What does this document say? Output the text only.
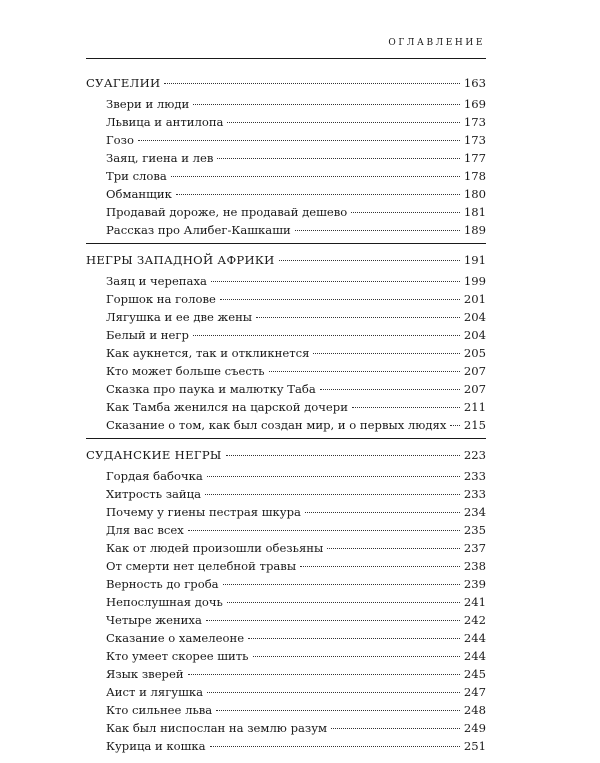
ОГЛАВЛЕНИЕ
СУАГЕЛИИ	163
Звери и люди	169
Львица и антилопа	173
Гозо	173
Заяц, гиена и лев	177
Три слова	178
Обманщик	180
Продавай дороже, не продавай дешево	181
Рассказ про Алибег-Кашкаши	189
НЕГРЫ ЗАПАДНОЙ АФРИКИ	191
Заяц и черепаха	199
Горшок на голове	201
Лягушка и ее две жены	204
Белый и негр	204
Как аукнется, так и откликнется	205
Кто может больше съесть	207
Сказка про паука и малютку Таба	207
Как Тамба женился на царской дочери	211
Сказание о том, как был создан мир, и о первых людях 215
СУДАНСКИЕ НЕГРЫ	223
Гордая бабочка	233
Хитрость зайца	233
Почему у гиены пестрая шкура	234
Для вас всех	235
Как от людей произошли обезьяны	237
От смерти нет целебной травы	238
Верность до гроба	239
Непослушная дочь	241
Четыре жениха	242
Сказание о хамелеоне	244
Кто умеет скорее шить	244
Язык зверей	245
Аист и лягушка	247
Кто сильнее льва	248
Как был ниспослан на землю разум	249
Курица и кошка	251
